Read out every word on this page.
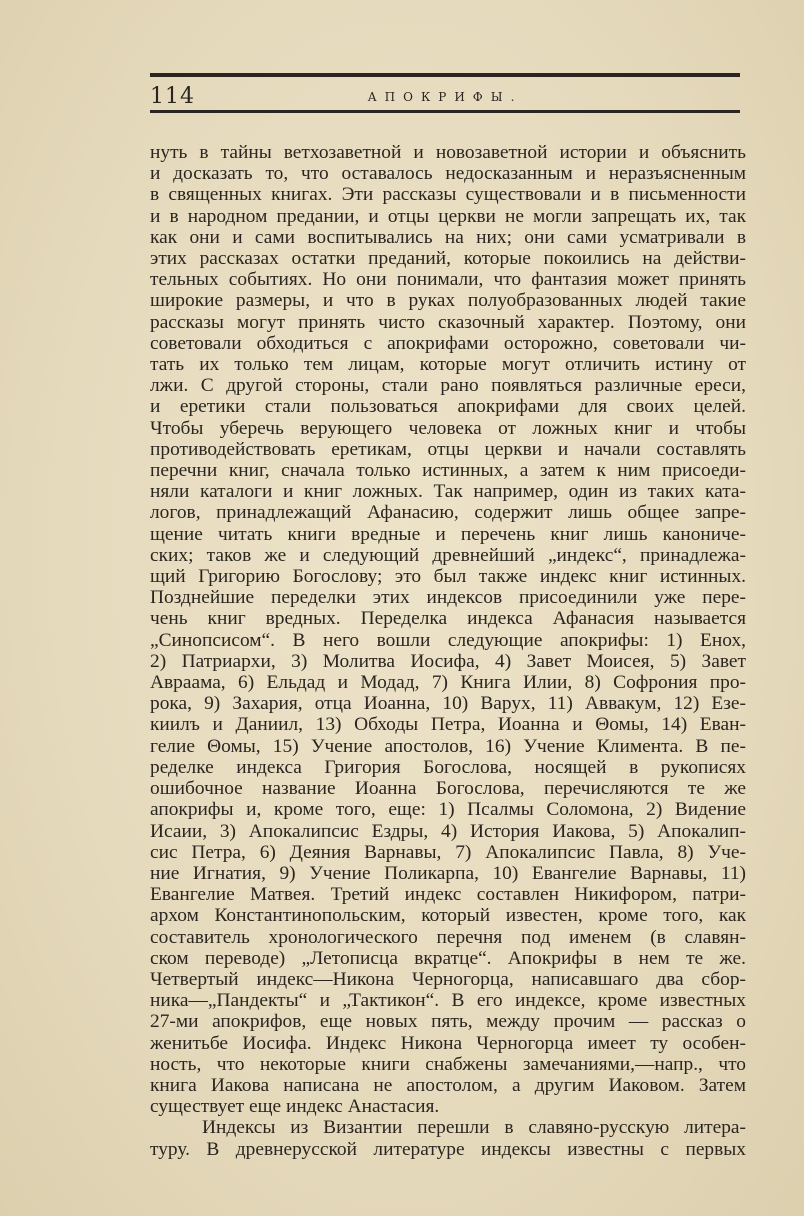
114	АПОКРИФЫ.
нуть в тайны ветхозаветной и новозаветной истории и объяснить
и досказать то, что оставалось недосказанным и неразъясненным
в священных книгах. Эти рассказы существовали и в письменности
и в народном предании, и отцы церкви не могли запрещать их, так
как они и сами воспитывались на них; они сами усматривали в
этих рассказах остатки преданий, которые покоились на действи-
тельных событиях. Но они понимали, что фантазия может принять
широкие размеры, и что в руках полуобразованных людей такие
рассказы могут принять чисто сказочный характер. Поэтому, они
советовали обходиться с апокрифами осторожно, советовали чи-
тать их только тем лицам, которые могут отличить истину от
лжи. С другой стороны, стали рано появляться различные ереси,
и еретики стали пользоваться апокрифами для своих целей.
Чтобы уберечь верующего человека от ложных книг и чтобы
противодействовать еретикам, отцы церкви и начали составлять
перечни книг, сначала только истинных, а затем к ним присоеди-
няли каталоги и книг ложных. Так например, один из таких ката-
логов, принадлежащий Афанасию, содержит лишь общее запре-
щение читать книги вредные и перечень книг лишь канониче-
ских; таков же и следующий древнейший „индекс“, принадлежа-
щий Григорию Богослову; это был также индекс книг истинных.
Позднейшие переделки этих индексов присоединили уже пере-
чень книг вредных. Переделка индекса Афанасия называется
„Синопсисом“. В него вошли следующие апокрифы: 1) Енох,
2) Патриархи, 3) Молитва Иосифа, 4) Завет Моисея, 5) Завет
Авраама, 6) Ельдад и Модад, 7) Книга Илии, 8) Софрония про-
рока, 9) Захария, отца Иоанна, 10) Варух, 11) Аввакум, 12) Езе-
киилъ и Даниил, 13) Обходы Петра, Иоанна и Θомы, 14) Еван-
гелие Θомы, 15) Учение апостолов, 16) Учение Климента. В пе-
ределке индекса Григория Богослова, носящей в рукописях
ошибочное название Иоанна Богослова, перечисляются те же
апокрифы и, кроме того, еще: 1) Псалмы Соломона, 2) Видение
Исаии, 3) Апокалипсис Ездры, 4) История Иакова, 5) Апокалип-
сис Петра, 6) Деяния Варнавы, 7) Апокалипсис Павла, 8) Уче-
ние Игнатия, 9) Учение Поликарпа, 10) Евангелие Варнавы, 11)
Евангелие Матвея. Третий индекс составлен Никифором, патри-
архом Константинопольским, который известен, кроме того, как
составитель хронологического перечня под именем (в славян-
ском переводе) „Летописца вкратце“. Апокрифы в нем те же.
Четвертый индекс—Никона Черногорца, написавшаго два сбор-
ника—„Пандекты“ и „Тактикон“. В его индексе, кроме известных
27-ми апокрифов, еще новых пять, между прочим — рассказ о
женитьбе Иосифа. Индекс Никона Черногорца имеет ту особен-
ность, что некоторые книги снабжены замечаниями,—напр., что
книга Иакова написана не апостолом, а другим Иаковом. Затем
существует еще индекс Анастасия.
Индексы из Византии перешли в славяно-русскую литера-
туру. В древнерусской литературе индексы известны с первых
